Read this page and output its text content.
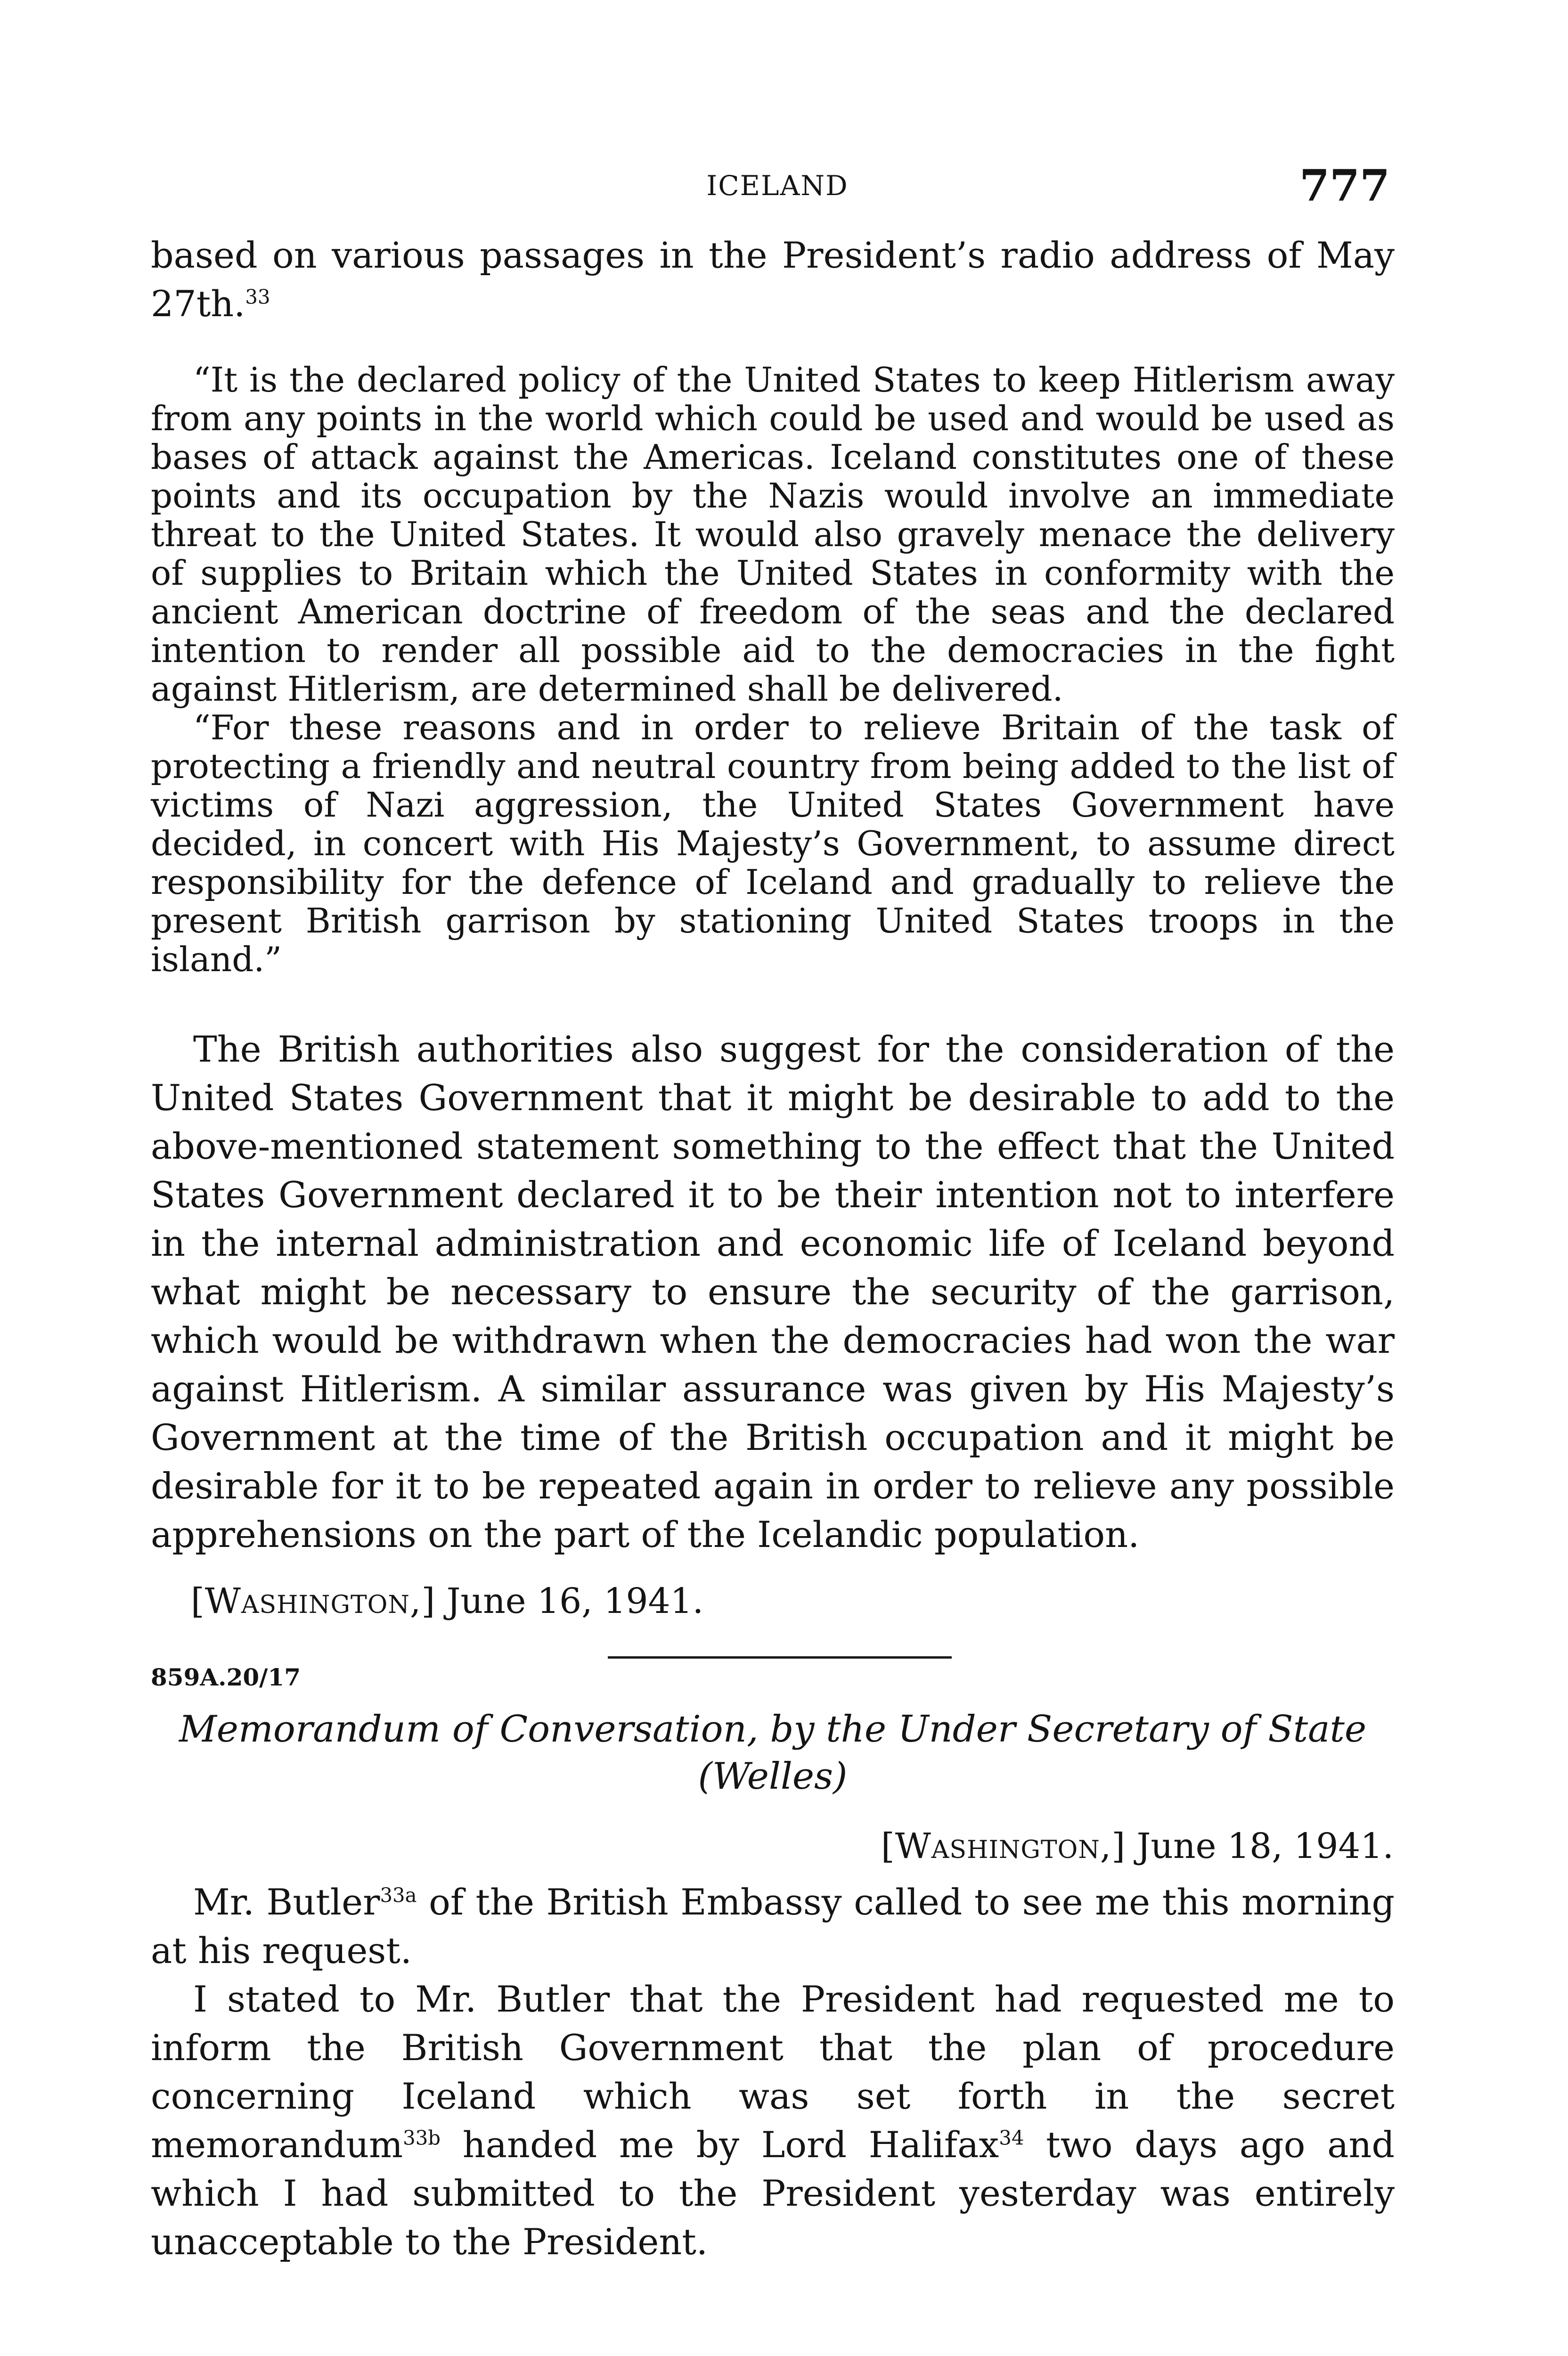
ICELAND	777

based on various passages in the President’s radio address of May 27th.$^{33}$

“It is the declared policy of the United States to keep Hitlerism away from any points in the world which could be used and would be used as bases of attack against the Americas. Iceland constitutes one of these points and its occupation by the Nazis would involve an immediate threat to the United States. It would also gravely menace the delivery of supplies to Britain which the United States in conformity with the ancient American doctrine of freedom of the seas and the declared intention to render all possible aid to the democracies in the fight against Hitlerism, are determined shall be delivered.

“For these reasons and in order to relieve Britain of the task of protecting a friendly and neutral country from being added to the list of victims of Nazi aggression, the United States Government have decided, in concert with His Majesty’s Government, to assume direct responsibility for the defence of Iceland and gradually to relieve the present British garrison by stationing United States troops in the island.”

The British authorities also suggest for the consideration of the United States Government that it might be desirable to add to the above-mentioned statement something to the effect that the United States Government declared it to be their intention not to interfere in the internal administration and economic life of Iceland beyond what might be necessary to ensure the security of the garrison, which would be withdrawn when the democracies had won the war against Hitlerism. A similar assurance was given by His Majesty’s Government at the time of the British occupation and it might be desirable for it to be repeated again in order to relieve any possible apprehensions on the part of the Icelandic population.

[Washington,] June 16, 1941.
859A.20/17
Memorandum of Conversation, by the Under Secretary of State
(Welles)
[Washington,] June 18, 1941.

Mr. Butler$^{33a}$ of the British Embassy called to see me this morning at his request.

I stated to Mr. Butler that the President had requested me to inform the British Government that the plan of procedure concerning Iceland which was set forth in the secret memorandum$^{33b}$ handed me by Lord Halifax$^{34}$ two days ago and which I had submitted to the President yesterday was entirely unacceptable to the President.
